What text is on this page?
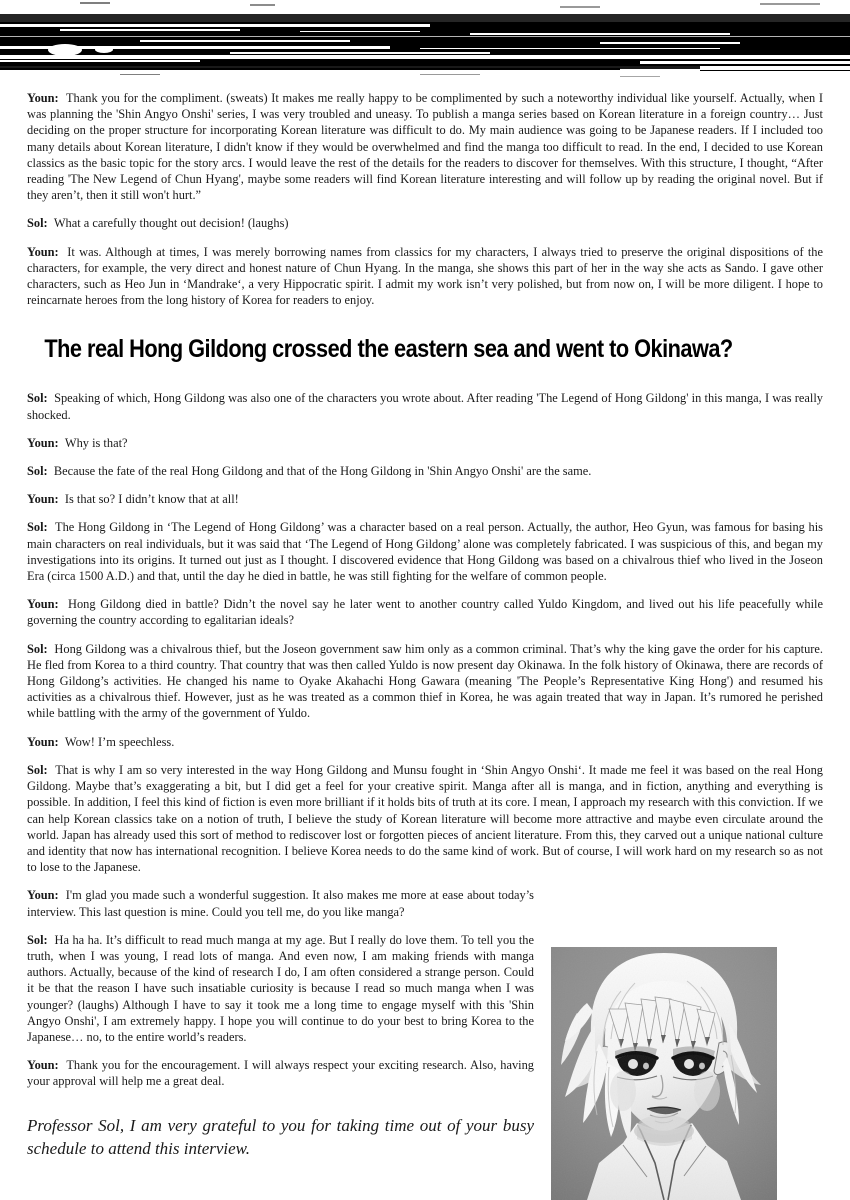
Youn: Thank you for the compliment. (sweats) It makes me really happy to be complimented by such a noteworthy individual like yourself. Actually, when I was planning the 'Shin Angyo Onshi' series, I was very troubled and uneasy. To publish a manga series based on Korean literature in a foreign country… Just deciding on the proper structure for incorporating Korean literature was difficult to do. My main audience was going to be Japanese readers. If I included too many details about Korean literature, I didn't know if they would be overwhelmed and find the manga too difficult to read. In the end, I decided to use Korean classics as the basic topic for the story arcs. I would leave the rest of the details for the readers to discover for themselves. With this structure, I thought, “After reading 'The New Legend of Chun Hyang', maybe some readers will find Korean literature interesting and will follow up by reading the original novel. But if they aren’t, then it still won't hurt.”

Sol: What a carefully thought out decision! (laughs)

Youn: It was. Although at times, I was merely borrowing names from classics for my characters, I always tried to preserve the original dispositions of the characters, for example, the very direct and honest nature of Chun Hyang. In the manga, she shows this part of her in the way she acts as Sando. I gave other characters, such as Heo Jun in ‘Mandrake‘, a very Hippocratic spirit. I admit my work isn’t very polished, but from now on, I will be more diligent. I hope to reincarnate heroes from the long history of Korea for readers to enjoy.

The real Hong Gildong crossed the eastern sea and went to Okinawa?

Sol: Speaking of which, Hong Gildong was also one of the characters you wrote about. After reading 'The Legend of Hong Gildong' in this manga, I was really shocked.

Youn: Why is that?

Sol: Because the fate of the real Hong Gildong and that of the Hong Gildong in 'Shin Angyo Onshi' are the same.

Youn: Is that so? I didn’t know that at all!

Sol: The Hong Gildong in ‘The Legend of Hong Gildong’ was a character based on a real person. Actually, the author, Heo Gyun, was famous for basing his main characters on real individuals, but it was said that ‘The Legend of Hong Gildong’ alone was completely fabricated. I was suspicious of this, and began my investigations into its origins. It turned out just as I thought. I discovered evidence that Hong Gildong was based on a chivalrous thief who lived in the Joseon Era (circa 1500 A.D.) and that, until the day he died in battle, he was still fighting for the welfare of common people.

Youn: Hong Gildong died in battle? Didn’t the novel say he later went to another country called Yuldo Kingdom, and lived out his life peacefully while governing the country according to egalitarian ideals?

Sol: Hong Gildong was a chivalrous thief, but the Joseon government saw him only as a common criminal. That’s why the king gave the order for his capture. He fled from Korea to a third country. That country that was then called Yuldo is now present day Okinawa. In the folk history of Okinawa, there are records of Hong Gildong’s activities. He changed his name to Oyake Akahachi Hong Gawara (meaning 'The People’s Representative King Hong') and resumed his activities as a chivalrous thief. However, just as he was treated as a common thief in Korea, he was again treated that way in Japan. It’s rumored he perished while battling with the army of the government of Yuldo.

Youn: Wow! I’m speechless.

Sol: That is why I am so very interested in the way Hong Gildong and Munsu fought in ‘Shin Angyo Onshi‘. It made me feel it was based on the real Hong Gildong. Maybe that’s exaggerating a bit, but I did get a feel for your creative spirit. Manga after all is manga, and in fiction, anything and everything is possible. In addition, I feel this kind of fiction is even more brilliant if it holds bits of truth at its core. I mean, I approach my research with this conviction. If we can help Korean classics take on a notion of truth, I believe the study of Korean literature will become more attractive and maybe even circulate around the world. Japan has already used this sort of method to rediscover lost or forgotten pieces of ancient literature. From this, they carved out a unique national culture and identity that now has international recognition. I believe Korea needs to do the same kind of work. But of course, I will work hard on my research so as not to lose to the Japanese.

Youn: I'm glad you made such a wonderful suggestion. It also makes me more at ease about today’s interview. This last question is mine. Could you tell me, do you like manga?

Sol: Ha ha ha. It’s difficult to read much manga at my age. But I really do love them. To tell you the truth, when I was young, I read lots of manga. And even now, I am making friends with manga authors. Actually, because of the kind of research I do, I am often considered a strange person. Could it be that the reason I have such insatiable curiosity is because I read so much manga when I was younger? (laughs) Although I have to say it took me a long time to engage myself with this 'Shin Angyo Onshi', I am extremely happy. I hope you will continue to do your best to bring Korea to the Japanese… no, to the entire world’s readers.

Youn: Thank you for the encouragement. I will always respect your exciting research. Also, having your approval will help me a great deal.

Professor Sol, I am very grateful to you for taking time out of your busy schedule to attend this interview.
